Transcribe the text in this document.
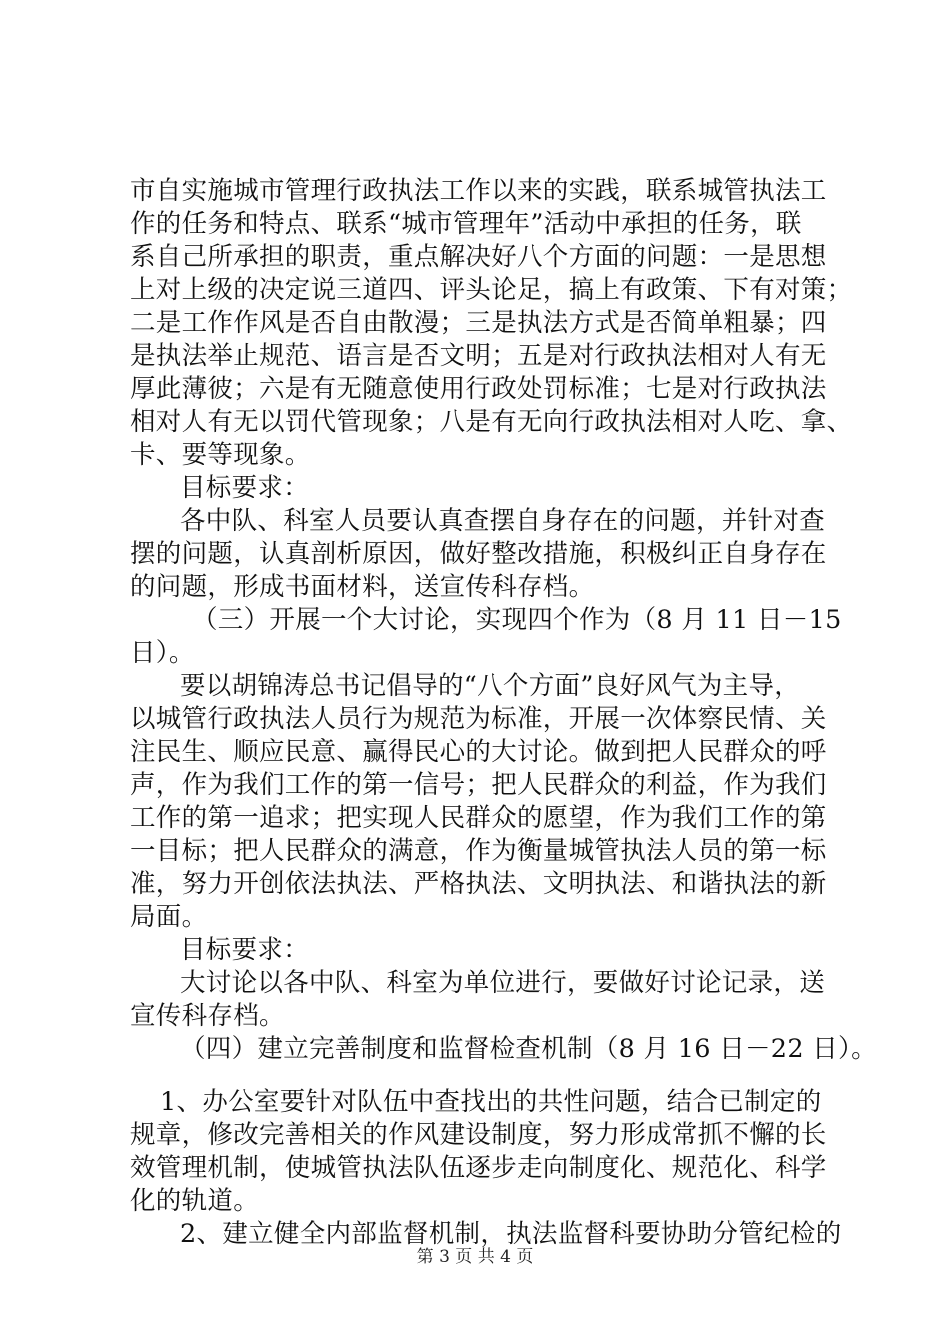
市自实施城市管理行政执法工作以来的实践，联系城管执法工
作的任务和特点、联系“城市管理年”活动中承担的任务，联
系自己所承担的职责，重点解决好八个方面的问题：一是思想
上对上级的决定说三道四、评头论足，搞上有政策、下有对策；
二是工作作风是否自由散漫；三是执法方式是否简单粗暴；四
是执法举止规范、语言是否文明；五是对行政执法相对人有无
厚此薄彼；六是有无随意使用行政处罚标准；七是对行政执法
相对人有无以罚代管现象；八是有无向行政执法相对人吃、拿、
卡、要等现象。
目标要求：
各中队、科室人员要认真查摆自身存在的问题，并针对查
摆的问题，认真剖析原因，做好整改措施，积极纠正自身存在
的问题，形成书面材料，送宣传科存档。
（三）开展一个大讨论，实现四个作为（8 月 11 日－15
日）。
要以胡锦涛总书记倡导的“八个方面”良好风气为主导，
以城管行政执法人员行为规范为标准，开展一次体察民情、关
注民生、顺应民意、赢得民心的大讨论。做到把人民群众的呼
声，作为我们工作的第一信号；把人民群众的利益，作为我们
工作的第一追求；把实现人民群众的愿望，作为我们工作的第
一目标；把人民群众的满意，作为衡量城管执法人员的第一标
准，努力开创依法执法、严格执法、文明执法、和谐执法的新
局面。
目标要求：
大讨论以各中队、科室为单位进行，要做好讨论记录，送
宣传科存档。
（四）建立完善制度和监督检查机制（8 月 16 日－22 日）。
1、办公室要针对队伍中查找出的共性问题，结合已制定的
规章，修改完善相关的作风建设制度，努力形成常抓不懈的长
效管理机制，使城管执法队伍逐步走向制度化、规范化、科学
化的轨道。
2、建立健全内部监督机制，执法监督科要协助分管纪检的
第 3 页 共 4 页
